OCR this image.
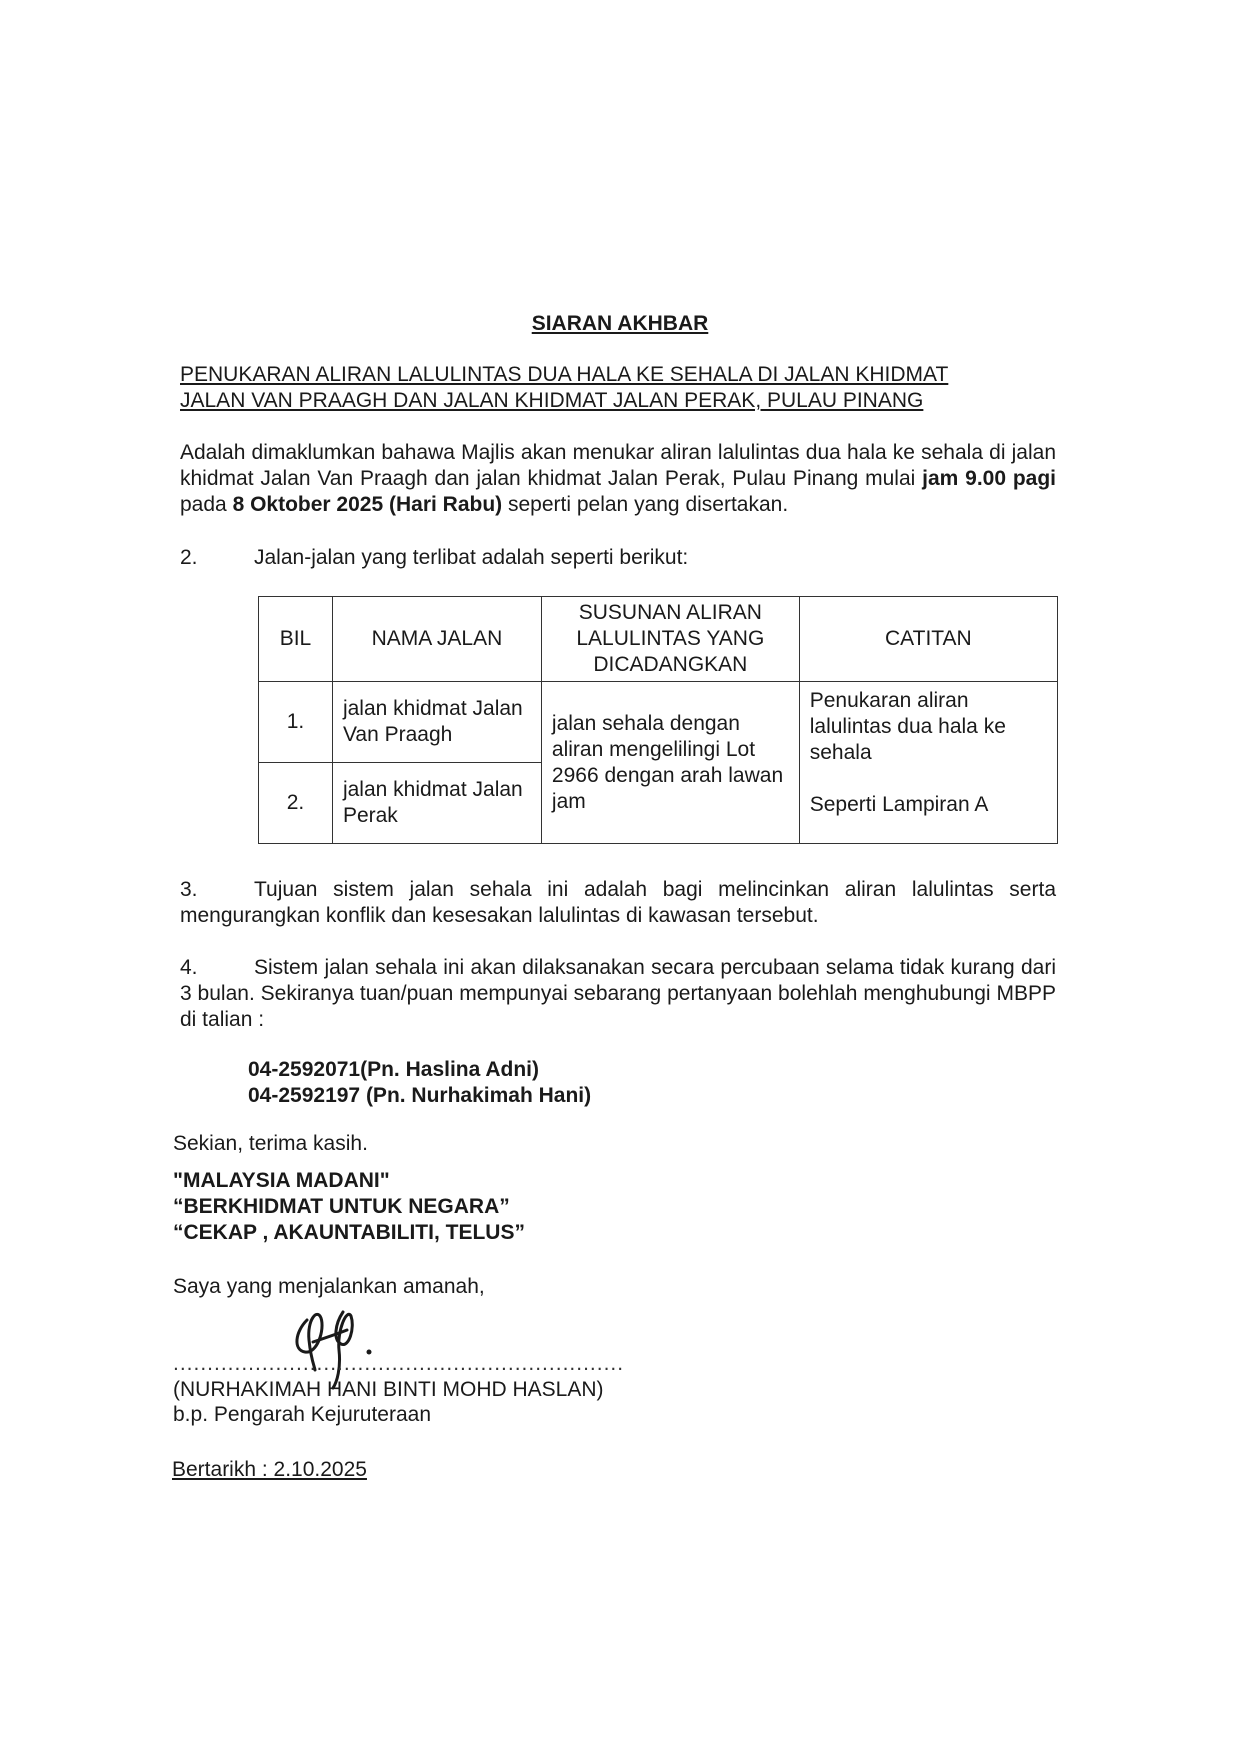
SIARAN AKHBAR
PENUKARAN ALIRAN LALULINTAS DUA HALA KE SEHALA DI JALAN KHIDMAT
JALAN VAN PRAAGH DAN JALAN KHIDMAT JALAN PERAK, PULAU PINANG
Adalah dimaklumkan bahawa Majlis akan menukar aliran lalulintas dua hala ke sehala di jalan khidmat Jalan Van Praagh dan jalan khidmat Jalan Perak, Pulau Pinang mulai jam 9.00 pagi pada 8 Oktober 2025 (Hari Rabu) seperti pelan yang disertakan.
2.	Jalan-jalan yang terlibat adalah seperti berikut:
BIL	NAMA JALAN	SUSUNAN ALIRAN LALULINTAS YANG DICADANGKAN	CATITAN
1.	jalan khidmat Jalan Van Praagh	jalan sehala dengan aliran mengelilingi Lot 2966 dengan arah lawan jam	Penukaran aliran lalulintas dua hala ke sehala
Seperti Lampiran A

2.	jalan khidmat Jalan Perak		
3.	Tujuan sistem jalan sehala ini adalah bagi melincinkan aliran lalulintas serta mengurangkan konflik dan kesesakan lalulintas di kawasan tersebut.
4.	Sistem jalan sehala ini akan dilaksanakan secara percubaan selama tidak kurang dari 3 bulan. Sekiranya tuan/puan mempunyai sebarang pertanyaan bolehlah menghubungi MBPP di talian :
04-2592071(Pn. Haslina Adni)
04-2592197 (Pn. Nurhakimah Hani)
Sekian, terima kasih.
"MALAYSIA MADANI"
“BERKHIDMAT UNTUK NEGARA”
“CEKAP , AKAUNTABILITI, TELUS”
Saya yang menjalankan amanah,
..................................................................
(NURHAKIMAH HANI BINTI MOHD HASLAN)
b.p. Pengarah Kejuruteraan
Bertarikh : 2.10.2025
